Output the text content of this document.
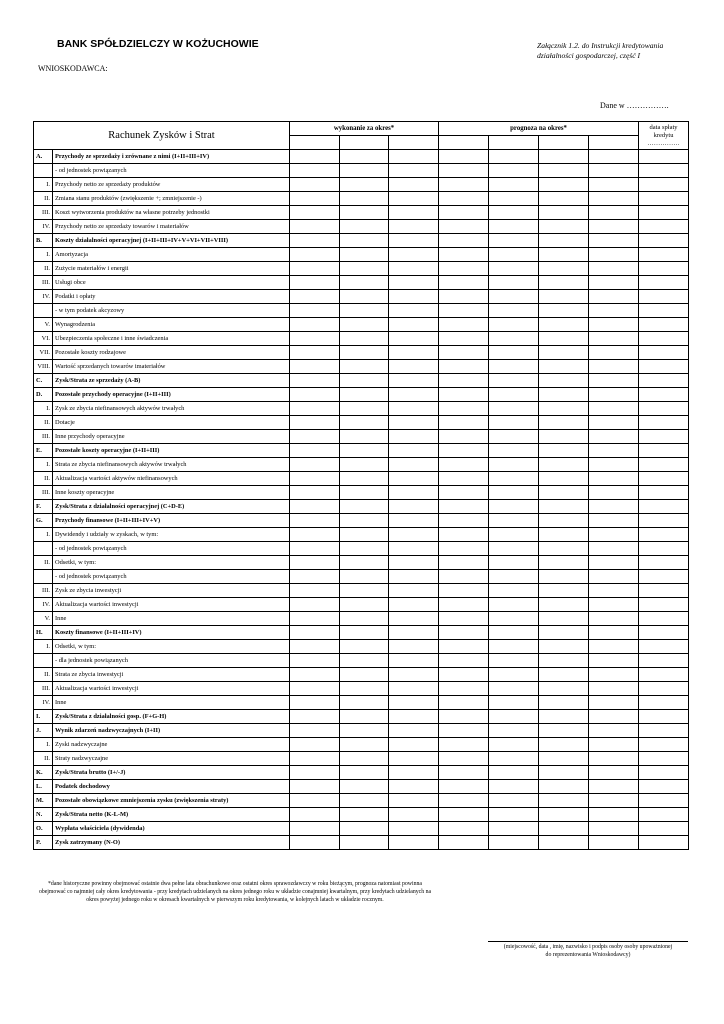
BANK SPÓŁDZIELCZY W KOŻUCHOWIE	Załącznik 1.2. do Instrukcji kredytowania
działalności gospodarczej, część I
WNIOSKODAWCA:
Dane w …………….
Rachunek Zysków i Strat		wykonanie za okres*			prognoza na okres*				data spłaty
kredytu
……………

A.	Przychody ze sprzedaży i zrównane z nimi (I+II+III+IV)								
	- od jednostek powiązanych								
I.	Przychody netto ze sprzedaży produktów								
II.	Zmiana stanu produktów (zwiększenie +; zmniejszenie -)								
III.	Koszt wytworzenia produktów na własne potrzeby jednostki								
IV.	Przychody netto ze sprzedaży towarów i materiałów								
B.	Koszty działalności operacyjnej (I+II+III+IV+V+VI+VII+VIII)								
I.	Amortyzacja								
II.	Zużycie materiałów i energii								
III.	Usługi obce								
IV.	Podatki i opłaty								
	- w tym podatek akcyzowy								
V.	Wynagrodzenia								
VI.	Ubezpieczenia społeczne i inne świadczenia								
VII.	Pozostałe koszty rodzajowe								
VIII.	Wartość sprzedanych towarów imateriałów								
C.	Zysk/Strata ze sprzedaży (A-B)								
D.	Pozostałe przychody operacyjne (I+II+III)								
I.	Zysk ze zbycia niefinansowych aktywów trwałych								
II.	Dotacje								
III.	Inne przychody operacyjne								
E.	Pozostałe koszty operacyjne (I+II+III)								
I.	Strata ze zbycia niefinansowych aktywów trwałych								
II.	Aktualizacja wartości aktywów niefinansowych								
III.	Inne koszty operacyjne								
F.	Zysk/Strata z działalności operacyjnej (C+D-E)								
G.	Przychody finansowe (I+II+III+IV+V)								
I.	Dywidendy i udziały w zyskach, w tym:								
	- od jednostek powiązanych								
II.	Odsetki, w tym:								
	- od jednostek powiązanych								
III.	Zysk ze zbycia inwestycji								
IV.	Aktualizacja wartości inwestycji								
V.	Inne								
H.	Koszty finansowe (I+II+III+IV)								
I.	Odsetki, w tym:								
	- dla jednostek powiązanych								
II.	Strata ze zbycia inwestycji								
III.	Aktualizacja wartości inwestycji								
IV.	Inne								
I.	Zysk/Strata z działalności gosp. (F+G-H)								
J.	Wynik zdarzeń nadzwyczajnych (I+II)								
I.	Zyski nadzwyczajne								
II.	Straty nadzwyczajne								
K.	Zysk/Strata brutto (I+/-J)								
L.	Podatek dochodowy								
M.	Pozostałe obowiązkowe zmniejszenia zysku (zwiększenia straty)								
N.	Zysk/Strata netto (K-L-M)								
O.	Wypłata właściciela (dywidenda)								
P.	Zysk zatrzymany (N-O)								
*dane historyczne powinny obejmować ostatnie dwa pełne lata obrachunkowe oraz ostatni okres sprawozdawczy w roku bieżącym, prognoza natomiast powinna obejmować co najmniej cały okres kredytowania - przy kredytach udzielanych na okres jednego roku w układzie conajmniej kwartalnym, przy kredytach udzielanych na okres powyżej jednego roku w okresach kwartalnych w pierwszym roku kredytowania, w kolejnych latach w układzie rocznym.
(miejscowość, data , imię, nazwisko i podpis osoby osoby upoważnionej
do reprezentowania Wnioskodawcy)
